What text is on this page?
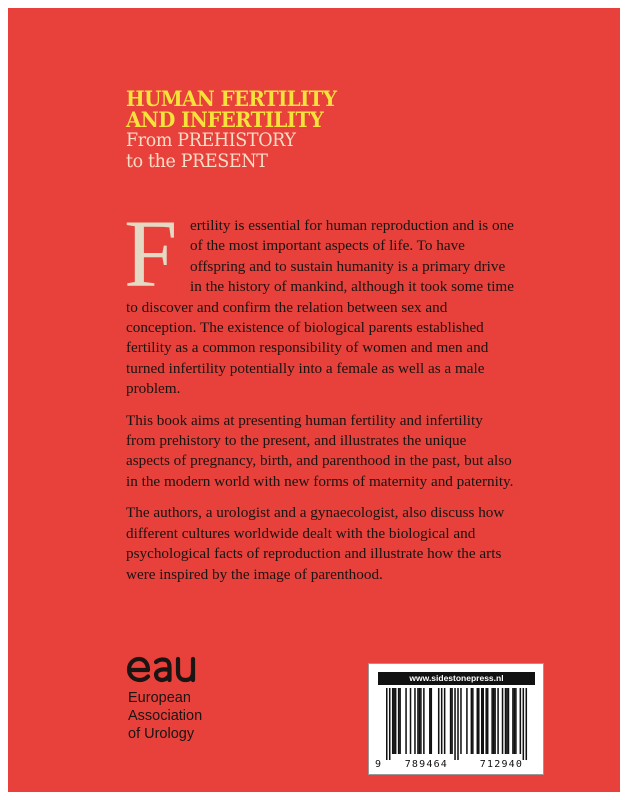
HUMAN FERTILITY
AND INFERTILITY
From PREHISTORY
to the PRESENT

F ertility is essential for human reproduction and is one of the most important aspects of life. To have offspring and to sustain humanity is a primary drive in the history of mankind, although it took some time to discover and confirm the relation between sex and conception. The existence of biological parents established fertility as a common responsibility of women and men and turned infertility potentially into a female as well as a male problem.

This book aims at presenting human fertility and infertility from prehistory to the present, and illustrates the unique aspects of pregnancy, birth, and parenthood in the past, but also in the modern world with new forms of maternity and paternity.

The authors, a urologist and a gynaecologist, also discuss how different cultures worldwide dealt with the biological and psychological facts of reproduction and illustrate how the arts were inspired by the image of parenthood.

European
Association
of Urology
www.sidestonepress.nl
9	789464	712940
